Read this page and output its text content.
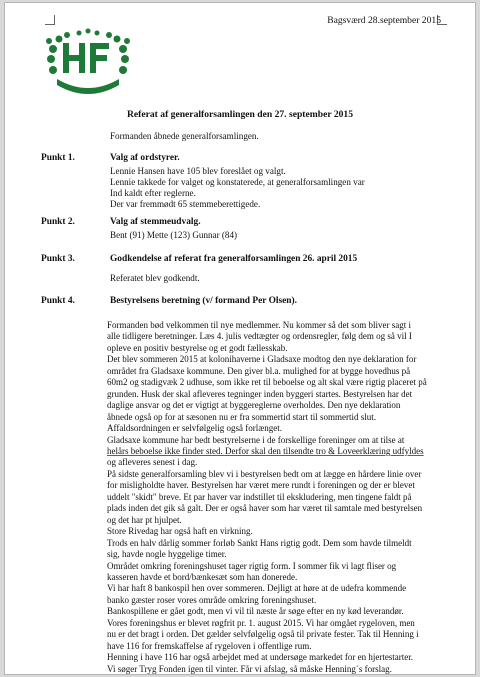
Bagsværd 28.september 2015
Referat af generalforsamlingen den 27. september 2015
Formanden åbnede generalforsamlingen.
Punkt 1.	Valg af ordstyrer.
Lennie Hansen have 105 blev foreslået og valgt.
Lennie takkede for valget og konstaterede, at generalforsamlingen var
Ind kaldt efter reglerne.
Der var fremmødt 65 stemmeberettigede.
Punkt 2.	Valg af stemmeudvalg.
Bent (91) Mette (123) Gunnar (84)
Punkt 3.	Godkendelse af referat fra generalforsamlingen 26. april 2015
Referatet blev godkendt.
Punkt 4.	Bestyrelsens beretning (v/ formand Per Olsen).
Formanden bød velkommen til nye medlemmer. Nu kommer så det som bliver sagt i
alle tidligere beretninger. Læs 4. julis vedtægter og ordensregler, følg dem og så vil I
opleve en positiv bestyrelse og et godt fællesskab.
Det blev sommeren 2015 at kolonihaverne i Gladsaxe modtog den nye deklaration for
området fra Gladsaxe kommune. Den giver bl.a. mulighed for at bygge hovedhus på
60m2 og stadigvæk 2 udhuse, som ikke ret til beboelse og alt skal være rigtig placeret på
grunden. Husk der skal afleveres tegninger inden byggeri startes. Bestyrelsen har det
daglige ansvar og det er vigtigt at byggereglerne overholdes. Den nye deklaration
åbnede også op for at sæsonen nu er fra sommertid start til sommertid slut.
Affaldsordningen er selvfølgelig også forlænget.
Gladsaxe kommune har bedt bestyrelserne i de forskellige foreninger om at tilse at
helårs beboelse ikke finder sted. Derfor skal den tilsendte tro & Loveerklæring udfyldes
og afleveres senest i dag.
På sidste generalforsamling blev vi i bestyrelsen bedt om at lægge en hårdere linie over
for misligholdte haver. Bestyrelsen har været mere rundt i foreningen og der er blevet
uddelt "skidt" breve. Et par haver var indstillet til ekskludering, men tingene faldt på
plads inden det gik så galt. Der er også haver som har været til samtale med bestyrelsen
og det har pt hjulpet.
Store Rivedag har også haft en virkning.
Trods en halv dårlig sommer forløb Sankt Hans rigtig godt. Dem som havde tilmeldt
sig, havde nogle hyggelige timer.
Området omkring foreningshuset tager rigtig form. I sommer fik vi lagt fliser og
kasseren havde et bord/bænkesæt som han donerede.
Vi har haft 8 bankospil hen over sommeren. Dejligt at høre at de udefra kommende
banko gæster roser vores område omkring foreningshuset.
Bankospillene er gået godt, men vi vil til næste år søge efter en ny kød leverandør.
Vores foreningshus er blevet røgfrit pr. 1. august 2015. Vi har omgået rygeloven, men
nu er det bragt i orden. Det gælder selvfølgelig også til private fester. Tak til Henning i
have 116 for fremskaffelse af rygeloven i offentlige rum.
Henning i have 116 har også arbejdet med at undersøge markedet for en hjertestarter.
Vi søger Tryg Fonden igen til vinter. Får vi afslag, så måske Henning´s forslag.
